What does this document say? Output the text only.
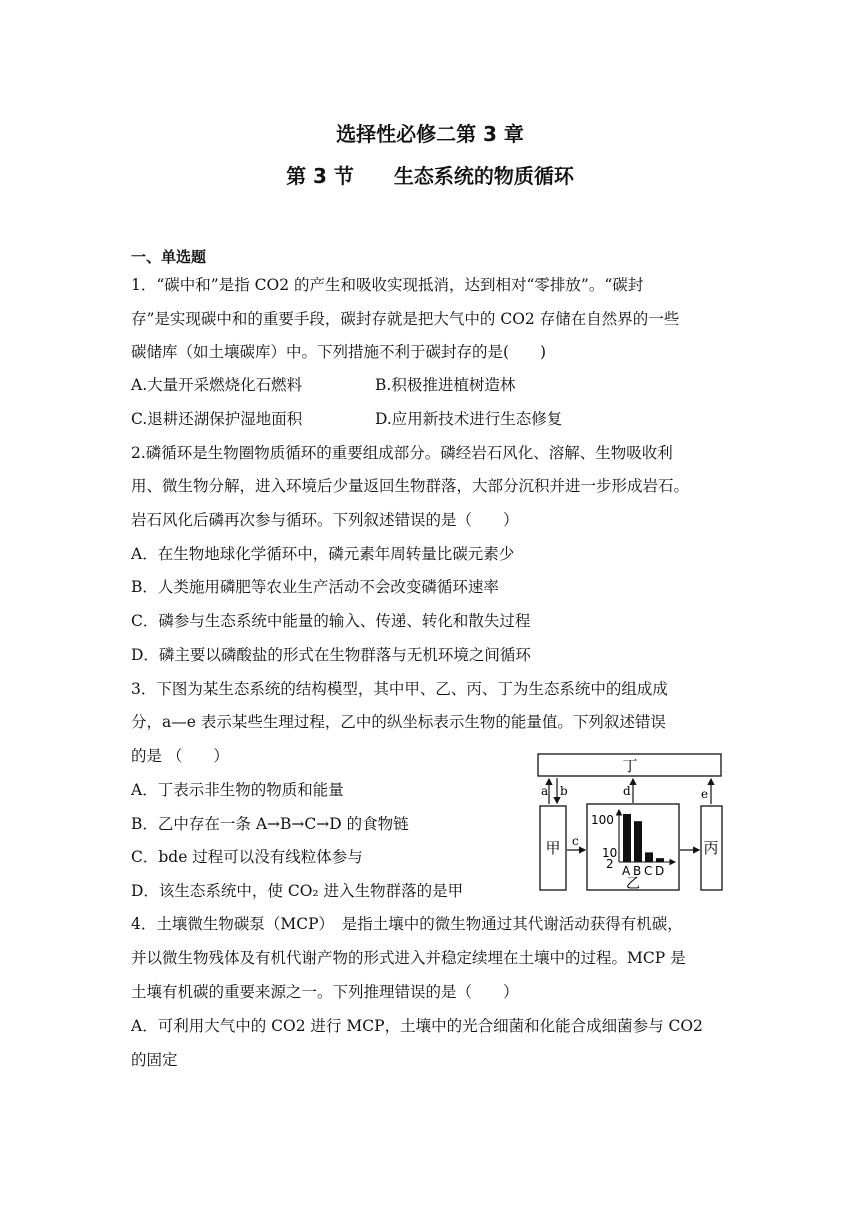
选择性必修二第 3 章
第 3 节　　生态系统的物质循环
一、单选题
1．“碳中和”是指 CO2 的产生和吸收实现抵消，达到相对“零排放”。“碳封
存”是实现碳中和的重要手段，碳封存就是把大气中的 CO2 存储在自然界的一些
碳储库（如土壤碳库）中。下列措施不利于碳封存的是(　　)
A.大量开采燃烧化石燃料	B.积极推进植树造林
C.退耕还湖保护湿地面积	D.应用新技术进行生态修复
2.磷循环是生物圈物质循环的重要组成部分。磷经岩石风化、溶解、生物吸收利
用、微生物分解，进入环境后少量返回生物群落，大部分沉积并进一步形成岩石。
岩石风化后磷再次参与循环。下列叙述错误的是（　　）
A．在生物地球化学循环中，磷元素年周转量比碳元素少
B．人类施用磷肥等农业生产活动不会改变磷循环速率
C．磷参与生态系统中能量的输入、传递、转化和散失过程
D．磷主要以磷酸盐的形式在生物群落与无机环境之间循环
3．下图为某生态系统的结构模型，其中甲、乙、丙、丁为生态系统中的组成成
分，a—e 表示某些生理过程，乙中的纵坐标表示生物的能量值。下列叙述错误
的是 （　　）
A．丁表示非生物的物质和能量
B．乙中存在一条 A→B→C→D 的食物链
C．bde 过程可以没有线粒体参与
D．该生态系统中，使 CO₂ 进入生物群落的是甲
丁
甲	丙
a b
c
d	e
100
10
2 A B C D
乙
4．土壤微生物碳泵（MCP）　是指土壤中的微生物通过其代谢活动获得有机碳，
并以微生物残体及有机代谢产物的形式进入并稳定续埋在土壤中的过程。MCP 是
土壤有机碳的重要来源之一。下列推理错误的是（　　）
A．可利用大气中的 CO2 进行 MCP，土壤中的光合细菌和化能合成细菌参与 CO2
的固定
